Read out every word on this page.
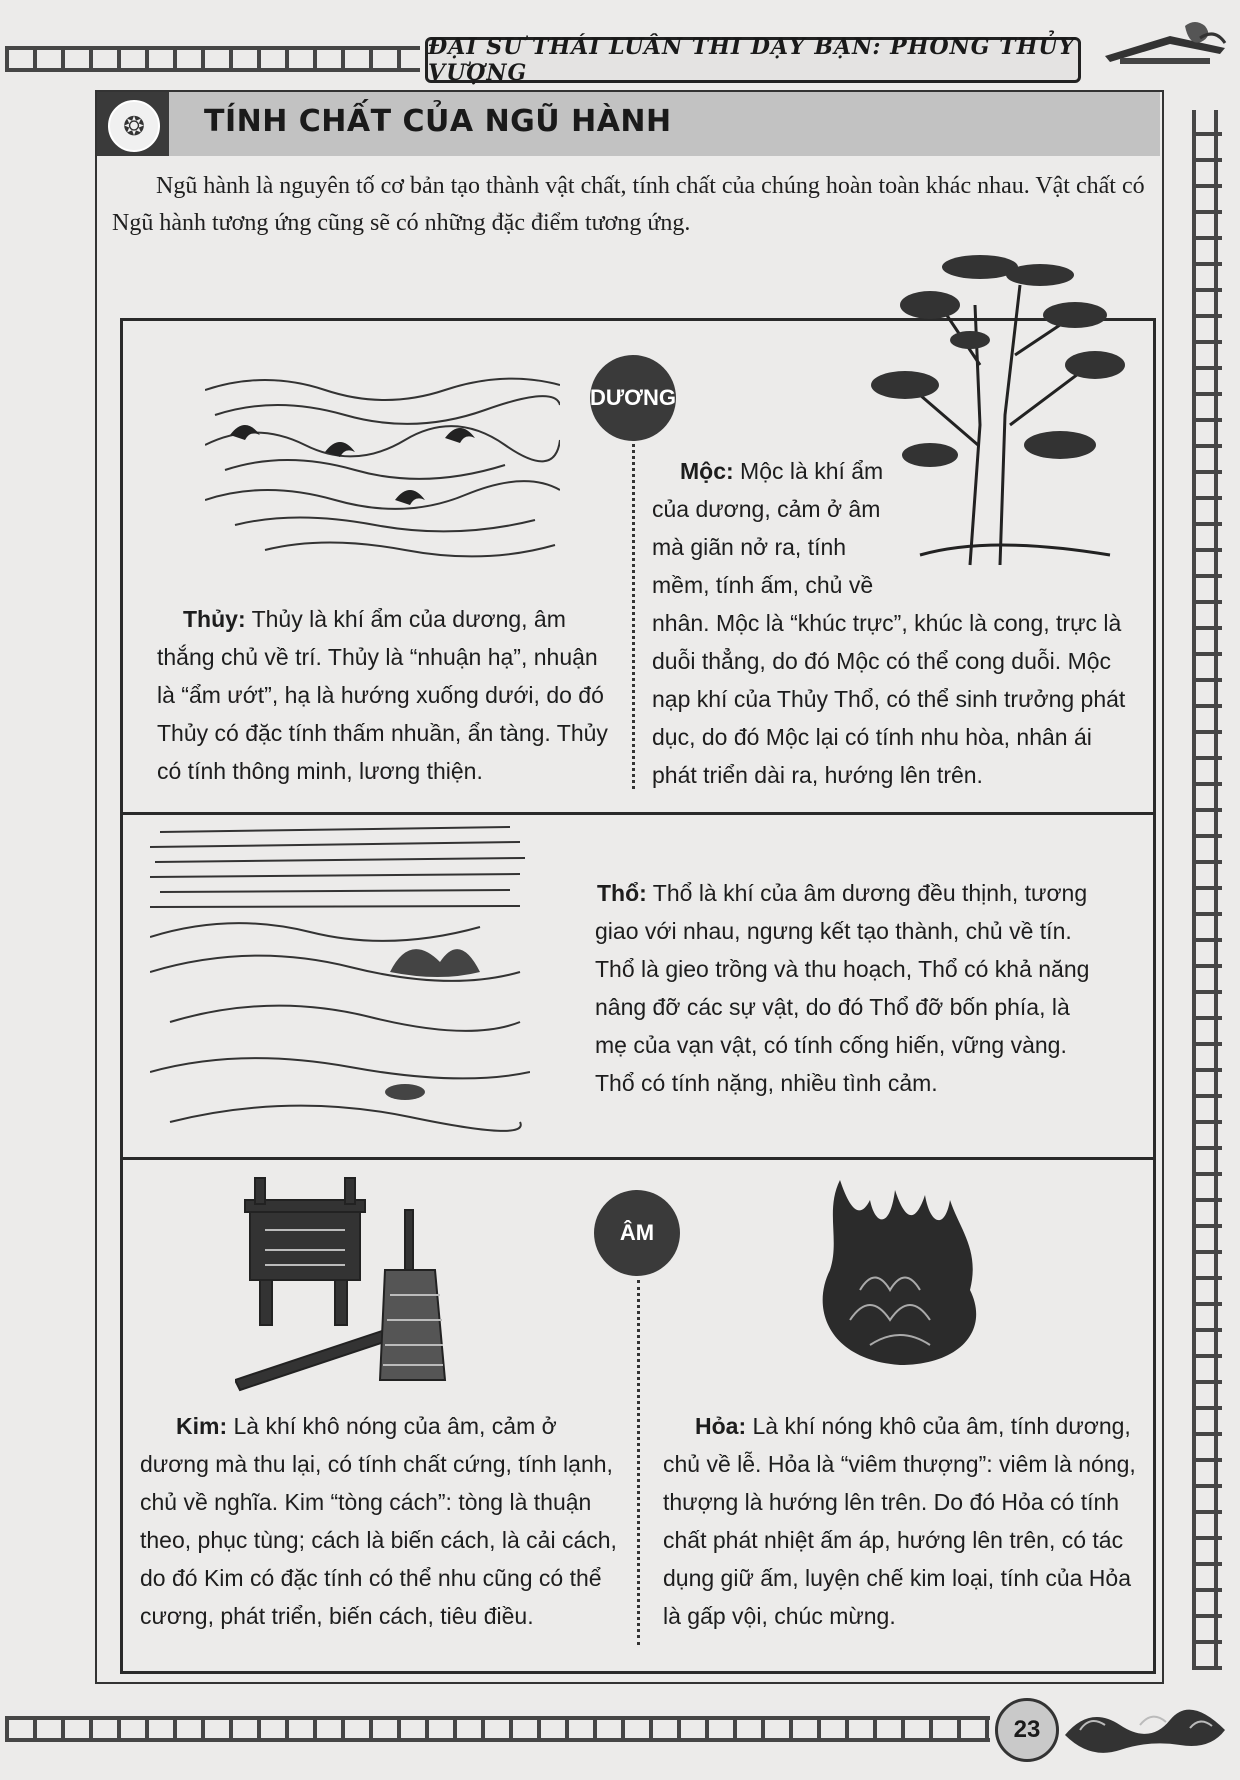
ĐẠI SƯ THÁI LUÂN THI DẠY BẠN: PHONG THỦY VƯỢNG
❂	TÍNH CHẤT CỦA NGŨ HÀNH
Ngũ hành là nguyên tố cơ bản tạo thành vật chất, tính chất của chúng hoàn toàn khác nhau. Vật chất có Ngũ hành tương ứng cũng sẽ có những đặc điểm tương ứng.
DƯƠNG
Mộc: Mộc là khí ẩm của dương, cảm ở âm mà giãn nở ra, tính mềm, tính ấm, chủ về nhân. Mộc là “khúc trực”, khúc là cong, trực là duỗi thẳng, do đó Mộc có thể cong duỗi. Mộc nạp khí của Thủy Thổ, có thể sinh trưởng phát dục, do đó Mộc lại có tính nhu hòa, nhân ái phát triển dài ra, hướng lên trên.
Thủy: Thủy là khí ẩm của dương, âm thắng chủ về trí. Thủy là “nhuận hạ”, nhuận là “ẩm ướt”, hạ là hướng xuống dưới, do đó Thủy có đặc tính thấm nhuần, ẩn tàng. Thủy có tính thông minh, lương thiện.
Thổ: Thổ là khí của âm dương đều thịnh, tương giao với nhau, ngưng kết tạo thành, chủ về tín. Thổ là gieo trồng và thu hoạch, Thổ có khả năng nâng đỡ các sự vật, do đó Thổ đỡ bốn phía, là mẹ của vạn vật, có tính cống hiến, vững vàng. Thổ có tính nặng, nhiều tình cảm.
ÂM
Kim: Là khí khô nóng của âm, cảm ở dương mà thu lại, có tính chất cứng, tính lạnh, chủ về nghĩa. Kim “tòng cách”: tòng là thuận theo, phục tùng; cách là biến cách, là cải cách, do đó Kim có đặc tính có thể nhu cũng có thể cương, phát triển, biến cách, tiêu điều.
Hỏa: Là khí nóng khô của âm, tính dương, chủ về lễ. Hỏa là “viêm thượng”: viêm là nóng, thượng là hướng lên trên. Do đó Hỏa có tính chất phát nhiệt ấm áp, hướng lên trên, có tác dụng giữ ấm, luyện chế kim loại, tính của Hỏa là gấp vội, chúc mừng.
23
